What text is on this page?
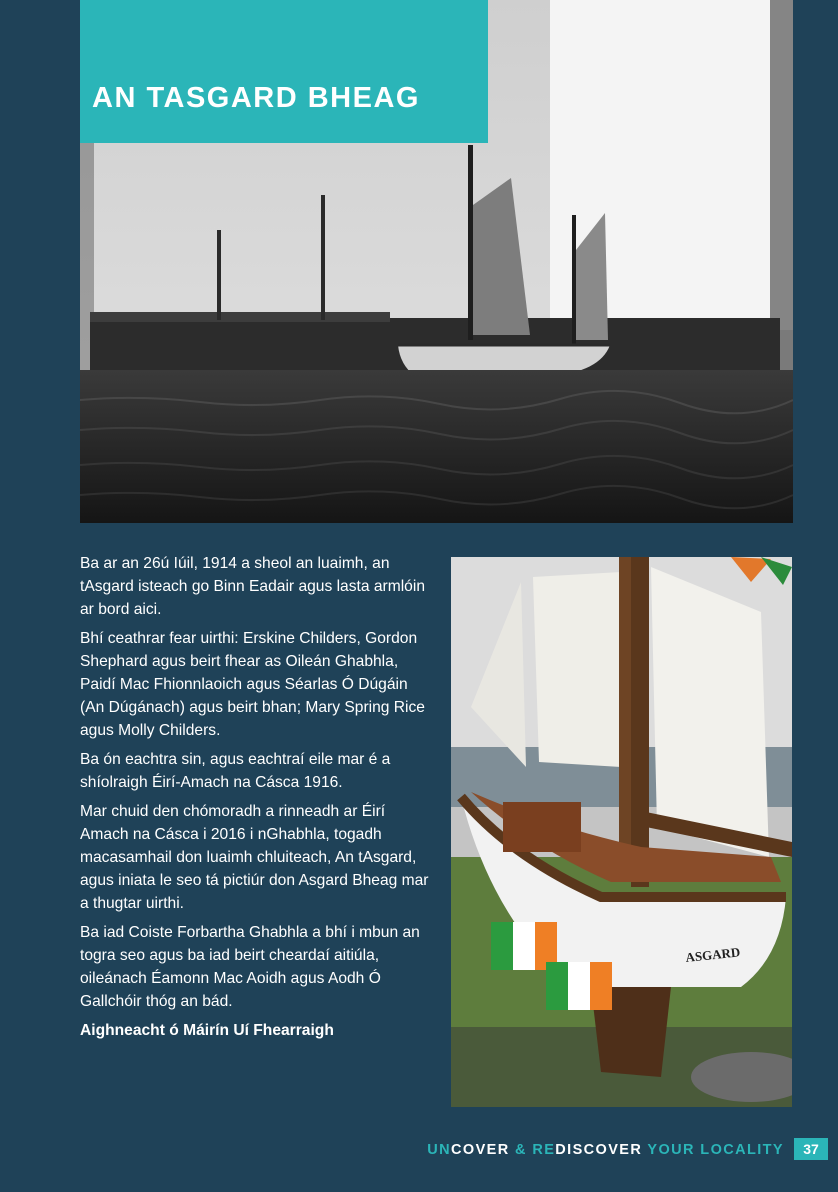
AN TASGARD BHEAG

Ba ar an 26ú Iúil, 1914 a sheol an luaimh, an tAsgard isteach go Binn Eadair agus lasta armlóin ar bord aici.

Bhí ceathrar fear uirthi: Erskine Childers, Gordon Shephard agus beirt fhear as Oileán Ghabhla, Paidí Mac Fhionnlaoich agus Séarlas Ó Dúgáin (An Dúgánach) agus beirt bhan; Mary Spring Rice agus Molly Childers.

Ba ón eachtra sin, agus eachtraí eile mar é a shíolraigh Éirí-Amach na Cásca 1916.

Mar chuid den chómoradh a rinneadh ar Éirí Amach na Cásca i 2016 i nGhabhla, togadh macasamhail don luaimh chluiteach, An tAsgard, agus iniata le seo tá pictiúr don Asgard Bheag mar a thugtar uirthi.

Ba iad Coiste Forbartha Ghabhla a bhí i mbun an togra seo agus ba iad beirt cheardaí aitiúla, oileánach Éamonn Mac Aoidh agus Aodh Ó Gallchóir thóg an bád.

Aighneacht ó Máirín Uí Fhearraigh

ASGARD
UNCOVER & REDISCOVER YOUR LOCALITY	37
